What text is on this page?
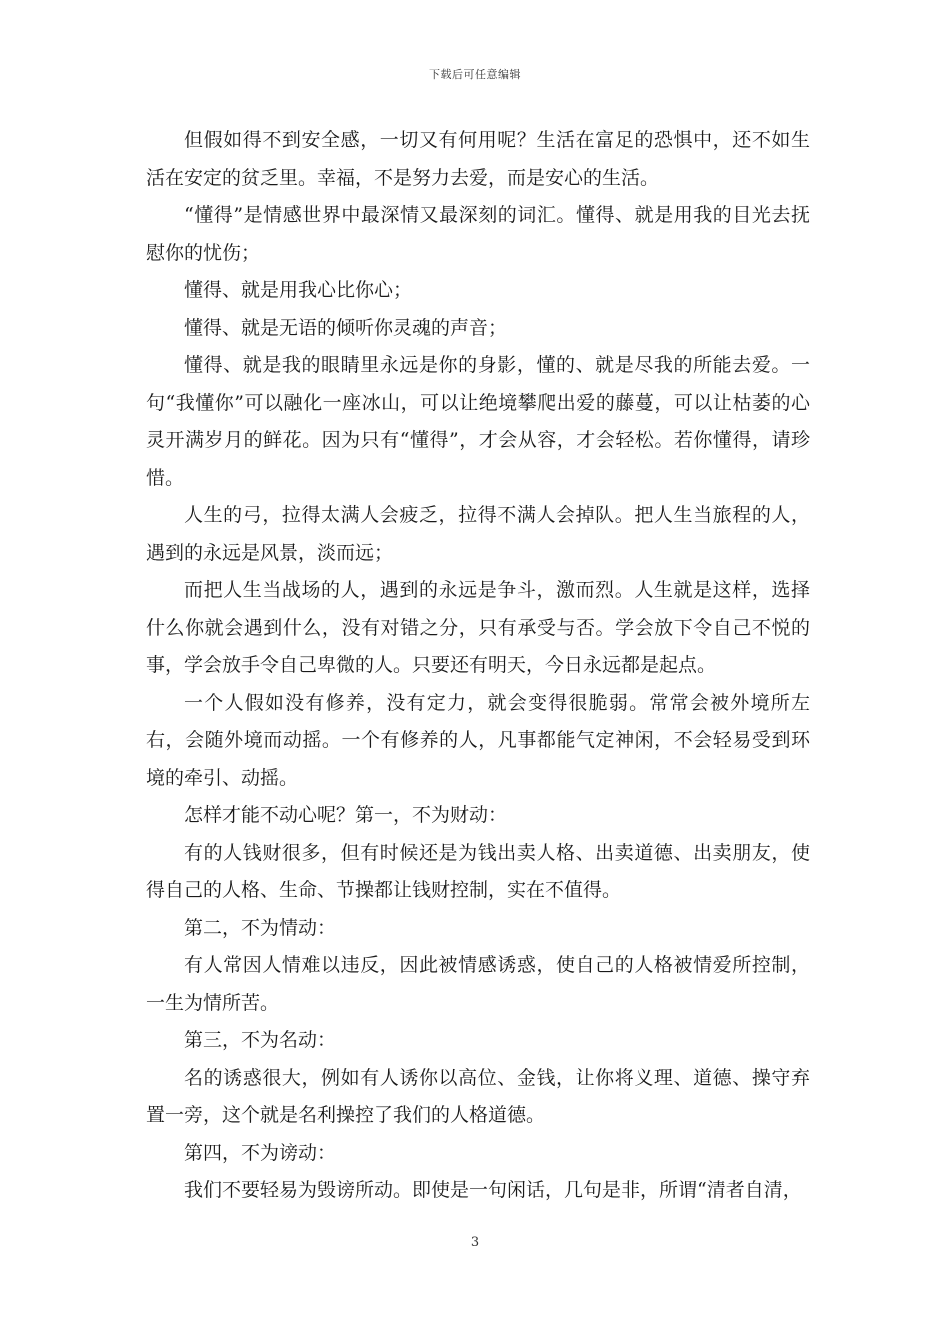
下载后可任意编辑

但假如得不到安全感，一切又有何用呢？生活在富足的恐惧中，还不如生活在安定的贫乏里。幸福，不是努力去爱，而是安心的生活。

“懂得”是情感世界中最深情又最深刻的词汇。懂得、就是用我的目光去抚慰你的忧伤；

懂得、就是用我心比你心；

懂得、就是无语的倾听你灵魂的声音；

懂得、就是我的眼睛里永远是你的身影，懂的、就是尽我的所能去爱。一句“我懂你”可以融化一座冰山，可以让绝境攀爬出爱的藤蔓，可以让枯萎的心灵开满岁月的鲜花。因为只有“懂得”，才会从容，才会轻松。若你懂得，请珍惜。

人生的弓，拉得太满人会疲乏，拉得不满人会掉队。把人生当旅程的人，遇到的永远是风景，淡而远；

而把人生当战场的人，遇到的永远是争斗，激而烈。人生就是这样，选择什么你就会遇到什么，没有对错之分，只有承受与否。学会放下令自己不悦的事，学会放手令自己卑微的人。只要还有明天，今日永远都是起点。

一个人假如没有修养，没有定力，就会变得很脆弱。常常会被外境所左右，会随外境而动摇。一个有修养的人，凡事都能气定神闲，不会轻易受到环境的牵引、动摇。

怎样才能不动心呢？第一，不为财动：

有的人钱财很多，但有时候还是为钱出卖人格、出卖道德、出卖朋友，使得自己的人格、生命、节操都让钱财控制，实在不值得。

第二，不为情动：

有人常因人情难以违反，因此被情感诱惑，使自己的人格被情爱所控制，一生为情所苦。

第三，不为名动：

名的诱惑很大，例如有人诱你以高位、金钱，让你将义理、道德、操守弃置一旁，这个就是名利操控了我们的人格道德。

第四，不为谤动：

我们不要轻易为毁谤所动。即使是一句闲话，几句是非，所谓“清者自清，

3
